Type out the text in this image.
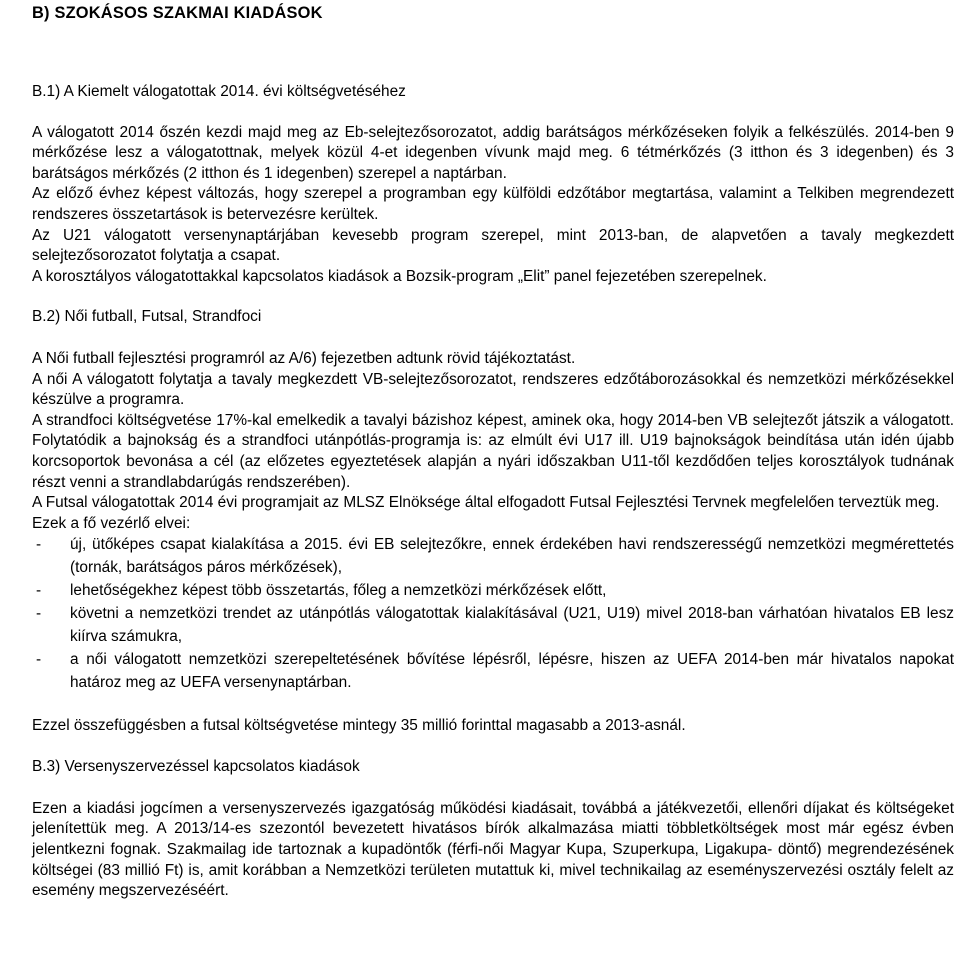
B) SZOKÁSOS SZAKMAI KIADÁSOK
B.1) A Kiemelt válogatottak 2014. évi költségvetéséhez

A válogatott 2014 őszén kezdi majd meg az Eb-selejtezősorozatot, addig barátságos mérkőzéseken folyik a felkészülés. 2014-ben 9 mérkőzése lesz a válogatottnak, melyek közül 4-et idegenben vívunk majd meg. 6 tétmérkőzés (3 itthon és 3 idegenben) és 3 barátságos mérkőzés (2 itthon és 1 idegenben) szerepel a naptárban.

Az előző évhez képest változás, hogy szerepel a programban egy külföldi edzőtábor megtartása, valamint a Telkiben megrendezett rendszeres összetartások is betervezésre kerültek.

Az U21 válogatott versenynaptárjában kevesebb program szerepel, mint 2013-ban, de alapvetően a tavaly megkezdett selejtezősorozatot folytatja a csapat.

A korosztályos válogatottakkal kapcsolatos kiadások a Bozsik-program „Elit” panel fejezetében szerepelnek.

B.2) Női futball, Futsal, Strandfoci

A Női futball fejlesztési programról az A/6) fejezetben adtunk rövid tájékoztatást.

A női A válogatott folytatja a tavaly megkezdett VB-selejtezősorozatot, rendszeres edzőtáborozásokkal és nemzetközi mérkőzésekkel készülve a programra.

A strandfoci költségvetése 17%-kal emelkedik a tavalyi bázishoz képest, aminek oka, hogy 2014-ben VB selejtezőt játszik a válogatott. Folytatódik a bajnokság és a strandfoci utánpótlás-programja is: az elmúlt évi U17 ill. U19 bajnokságok beindítása után idén újabb korcsoportok bevonása a cél (az előzetes egyeztetések alapján a nyári időszakban U11-től kezdődően teljes korosztályok tudnának részt venni a strandlabdarúgás rendszerében).

A Futsal válogatottak 2014 évi programjait az MLSZ Elnöksége által elfogadott Futsal Fejlesztési Tervnek megfelelően terveztük meg.

Ezek a fő vezérlő elvei:

- új, ütőképes csapat kialakítása a 2015. évi EB selejtezőkre, ennek érdekében havi rendszerességű nemzetközi megmérettetés (tornák, barátságos páros mérkőzések),
- lehetőségekhez képest több összetartás, főleg a nemzetközi mérkőzések előtt,
- követni a nemzetközi trendet az utánpótlás válogatottak kialakításával (U21, U19) mivel 2018-ban várhatóan hivatalos EB lesz kiírva számukra,
- a női válogatott nemzetközi szerepeltetésének bővítése lépésről, lépésre, hiszen az UEFA 2014-ben már hivatalos napokat határoz meg az UEFA versenynaptárban.

Ezzel összefüggésben a futsal költségvetése mintegy 35 millió forinttal magasabb a 2013-asnál.

B.3) Versenyszervezéssel kapcsolatos kiadások

Ezen a kiadási jogcímen a versenyszervezés igazgatóság működési kiadásait, továbbá a játékvezetői, ellenőri díjakat és költségeket jelenítettük meg. A 2013/14-es szezontól bevezetett hivatásos bírók alkalmazása miatti többletköltségek most már egész évben jelentkezni fognak. Szakmailag ide tartoznak a kupadöntők (férfi-női Magyar Kupa, Szuperkupa, Ligakupa- döntő) megrendezésének költségei (83 millió Ft) is, amit korábban a Nemzetközi területen mutattuk ki, mivel technikailag az eseményszervezési osztály felelt az esemény megszervezéséért.
